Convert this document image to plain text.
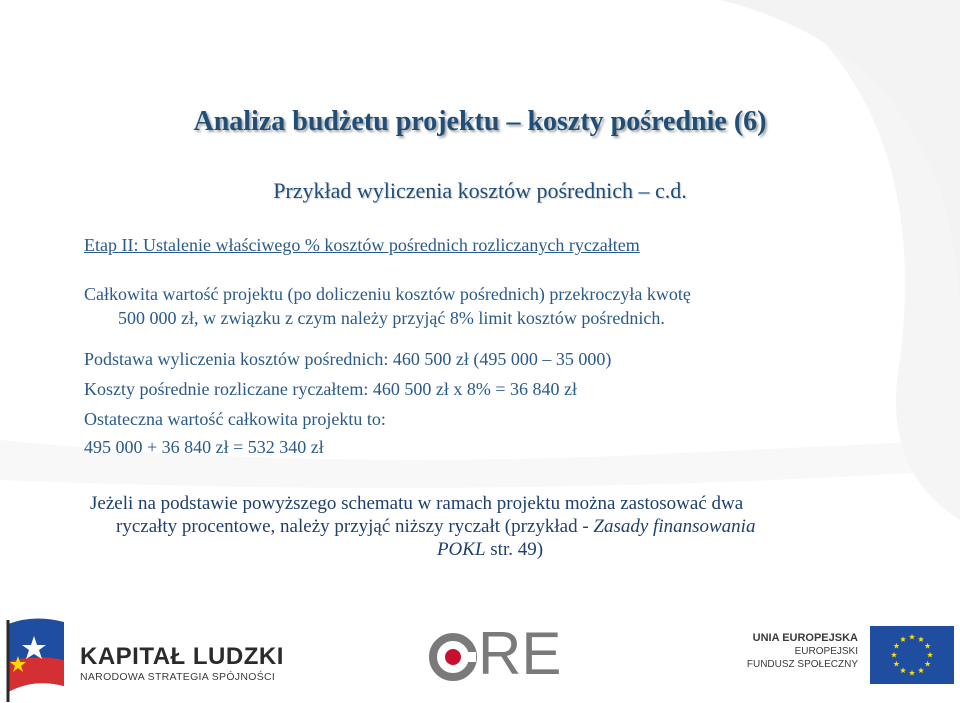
Analiza budżetu projektu – koszty pośrednie (6)
Przykład wyliczenia kosztów pośrednich – c.d.
Etap II: Ustalenie właściwego % kosztów pośrednich rozliczanych ryczałtem
Całkowita wartość projektu (po doliczeniu kosztów pośrednich) przekroczyła kwotę
500 000 zł, w związku z czym należy przyjąć 8% limit kosztów pośrednich.
Podstawa wyliczenia kosztów pośrednich: 460 500 zł (495 000 – 35 000)
Koszty pośrednie rozliczane ryczałtem: 460 500 zł x 8% = 36 840 zł
Ostateczna wartość całkowita projektu to:
495 000 + 36 840 zł = 532 340 zł
Jeżeli na podstawie powyższego schematu w ramach projektu można zastosować dwa
ryczałty procentowe, należy przyjąć niższy ryczałt (przykład - Zasady finansowania
POKL str. 49)
KAPITAŁ LUDZKI
NARODOWA STRATEGIA SPÓJNOŚCI	RE	UNIA EUROPEJSKA
EUROPEJSKI
FUNDUSZ SPOŁECZNY
